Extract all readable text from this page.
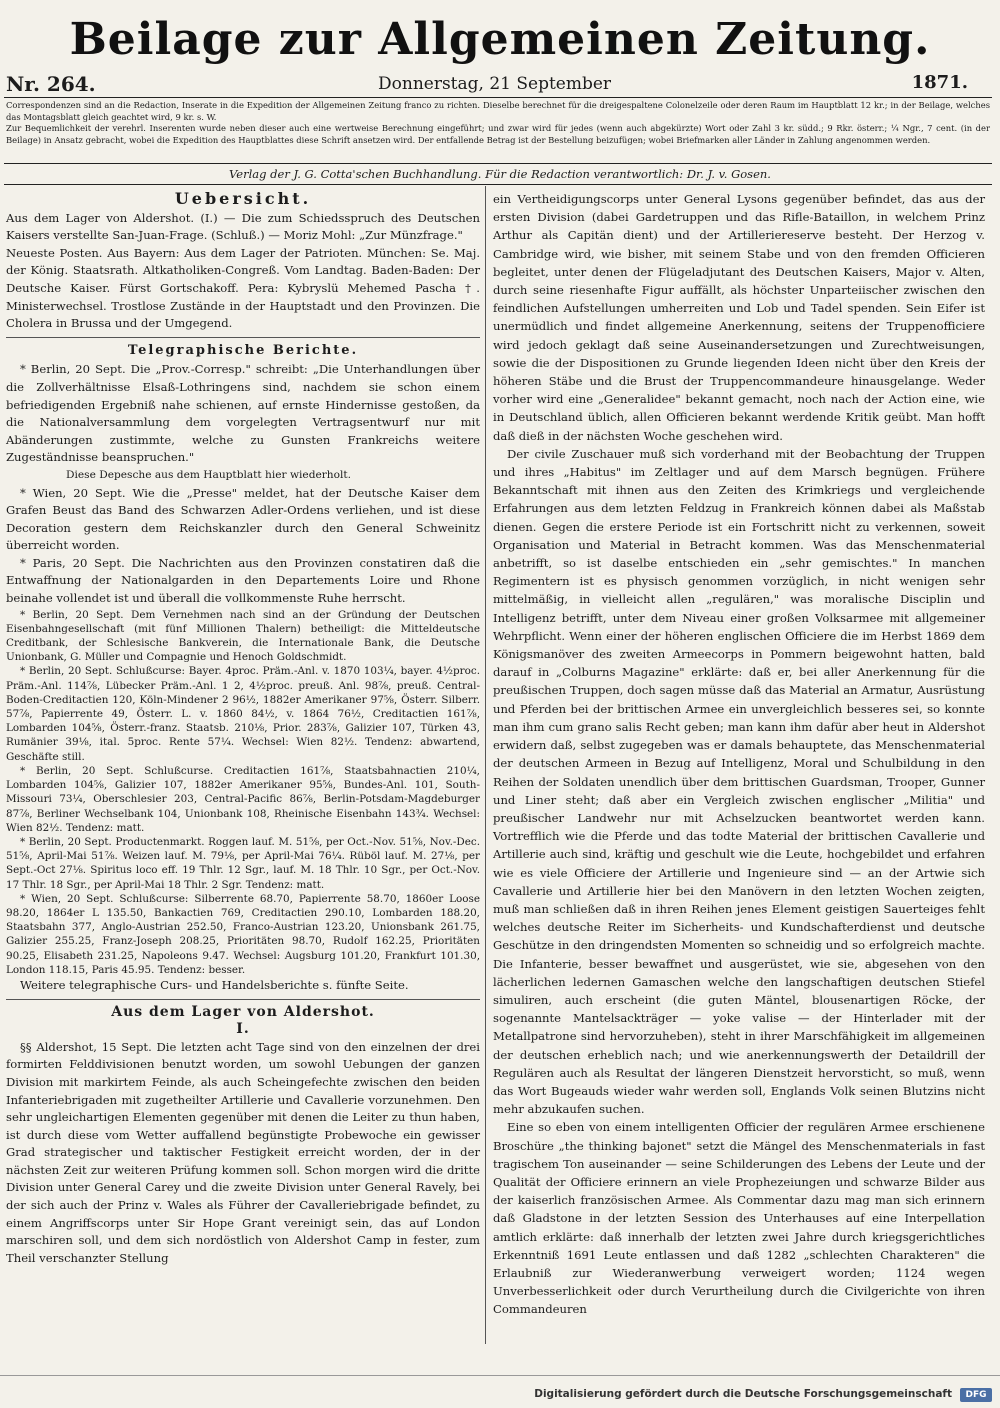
Beilage zur Allgemeinen Zeitung.
Nr. 264.	Donnerstag, 21 September	1871.

Correspondenzen sind an die Redaction, Inserate in die Expedition der Allgemeinen Zeitung franco zu richten. Dieselbe berechnet für die dreigespaltene Colonelzeile oder deren Raum im Hauptblatt 12 kr.; in der Beilage, welches das Montagsblatt gleich geachtet wird, 9 kr. s. W.

Zur Bequemlichkeit der verehrl. Inserenten wurde neben dieser auch eine wertweise Berechnung eingeführt; und zwar wird für jedes (wenn auch abgekürzte) Wort oder Zahl 3 kr. südd.; 9 Rkr. österr.; ¼ Ngr., 7 cent. (in der Beilage) in Ansatz gebracht, wobei die Expedition des Hauptblattes diese Schrift ansetzen wird. Der entfallende Betrag ist der Bestellung beizufügen; wobei Briefmarken aller Länder in Zahlung angenommen werden.

Verlag der J. G. Cotta'schen Buchhandlung. Für die Redaction verantwortlich: Dr. J. v. Gosen.
Uebersicht.

Aus dem Lager von Aldershot. (I.) — Die zum Schiedsspruch des Deutschen Kaisers verstellte San-Juan-Frage. (Schluß.) — Moriz Mohl: „Zur Münzfrage."

Neueste Posten. Aus Bayern: Aus dem Lager der Patrioten. München: Se. Maj. der König. Staatsrath. Altkatholiken-Congreß. Vom Landtag. Baden-Baden: Der Deutsche Kaiser. Fürst Gortschakoff. Pera: Kybryslü Mehemed Pascha †. Ministerwechsel. Trostlose Zustände in der Hauptstadt und den Provinzen. Die Cholera in Brussa und der Umgegend.

Telegraphische Berichte.

* Berlin, 20 Sept. Die „Prov.-Corresp." schreibt: „Die Unterhandlungen über die Zollverhältnisse Elsaß-Lothringens sind, nachdem sie schon einem befriedigenden Ergebniß nahe schienen, auf ernste Hindernisse gestoßen, da die Nationalversammlung dem vorgelegten Vertragsentwurf nur mit Abänderungen zustimmte, welche zu Gunsten Frankreichs weitere Zugeständnisse beanspruchen."

Diese Depesche aus dem Hauptblatt hier wiederholt.

* Wien, 20 Sept. Wie die „Presse" meldet, hat der Deutsche Kaiser dem Grafen Beust das Band des Schwarzen Adler-Ordens verliehen, und ist diese Decoration gestern dem Reichskanzler durch den General Schweinitz überreicht worden.

* Paris, 20 Sept. Die Nachrichten aus den Provinzen constatiren daß die Entwaffnung der Nationalgarden in den Departements Loire und Rhone beinahe vollendet ist und überall die vollkommenste Ruhe herrscht.

* Berlin, 20 Sept. Dem Vernehmen nach sind an der Gründung der Deutschen Eisenbahngesellschaft (mit fünf Millionen Thalern) betheiligt: die Mitteldeutsche Creditbank, der Schlesische Bankverein, die Internationale Bank, die Deutsche Unionbank, G. Müller und Compagnie und Henoch Goldschmidt.

* Berlin, 20 Sept. Schlußcurse: Bayer. 4proc. Präm.-Anl. v. 1870 103¼, bayer. 4½proc. Präm.-Anl. 114⅞, Lübecker Präm.-Anl. 1 2, 4½proc. preuß. Anl. 98⅞, preuß. Central-Boden-Creditactien 120, Köln-Mindener 2 96½, 1882er Amerikaner 97⅝, Österr. Silberr. 57⅞, Papierrente 49, Österr. L. v. 1860 84½, v. 1864 76½, Creditactien 161⅞, Lombarden 104⅝, Österr.-franz. Staatsb. 210⅛, Prior. 283⅞, Galizier 107, Türken 43, Rumänier 39⅛, ital. 5proc. Rente 57¼. Wechsel: Wien 82½. Tendenz: abwartend, Geschäfte still.

* Berlin, 20 Sept. Schlußcurse. Creditactien 161⅞, Staatsbahnactien 210¼, Lombarden 104⅝, Galizier 107, 1882er Amerikaner 95⅝, Bundes-Anl. 101, South-Missouri 73¼, Oberschlesier 203, Central-Pacific 86⅞, Berlin-Potsdam-Magdeburger 87⅞, Berliner Wechselbank 104, Unionbank 108, Rheinische Eisenbahn 143¾. Wechsel: Wien 82½. Tendenz: matt.

* Berlin, 20 Sept. Productenmarkt. Roggen lauf. M. 51⅝, per Oct.-Nov. 51⅝, Nov.-Dec. 51⅝, April-Mai 51⅞. Weizen lauf. M. 79⅛, per April-Mai 76¼. Rüböl lauf. M. 27⅛, per Sept.-Oct 27⅛. Spiritus loco eff. 19 Thlr. 12 Sgr., lauf. M. 18 Thlr. 10 Sgr., per Oct.-Nov. 17 Thlr. 18 Sgr., per April-Mai 18 Thlr. 2 Sgr. Tendenz: matt.

* Wien, 20 Sept. Schlußcurse: Silberrente 68.70, Papierrente 58.70, 1860er Loose 98.20, 1864er L 135.50, Bankactien 769, Creditactien 290.10, Lombarden 188.20, Staatsbahn 377, Anglo-Austrian 252.50, Franco-Austrian 123.20, Unionsbank 261.75, Galizier 255.25, Franz-Joseph 208.25, Prioritäten 98.70, Rudolf 162.25, Prioritäten 90.25, Elisabeth 231.25, Napoleons 9.47. Wechsel: Augsburg 101.20, Frankfurt 101.30, London 118.15, Paris 45.95. Tendenz: besser.

Weitere telegraphische Curs- und Handelsberichte s. fünfte Seite.

Aus dem Lager von Aldershot.
I.

§§ Aldershot, 15 Sept. Die letzten acht Tage sind von den einzelnen der drei formirten Felddivisionen benutzt worden, um sowohl Uebungen der ganzen Division mit markirtem Feinde, als auch Scheingefechte zwischen den beiden Infanteriebrigaden mit zugetheilter Artillerie und Cavallerie vorzunehmen. Den sehr ungleichartigen Elementen gegenüber mit denen die Leiter zu thun haben, ist durch diese vom Wetter auffallend begünstigte Probewoche ein gewisser Grad strategischer und taktischer Festigkeit erreicht worden, der in der nächsten Zeit zur weiteren Prüfung kommen soll. Schon morgen wird die dritte Division unter General Carey und die zweite Division unter General Ravely, bei der sich auch der Prinz v. Wales als Führer der Cavalleriebrigade befindet, zu einem Angriffscorps unter Sir Hope Grant vereinigt sein, das auf London marschiren soll, und dem sich nordöstlich von Aldershot Camp in fester, zum Theil verschanzter Stellung

ein Vertheidigungscorps unter General Lysons gegenüber befindet, das aus der ersten Division (dabei Gardetruppen und das Rifle-Bataillon, in welchem Prinz Arthur als Capitän dient) und der Artilleriereserve besteht. Der Herzog v. Cambridge wird, wie bisher, mit seinem Stabe und von den fremden Officieren begleitet, unter denen der Flügeladjutant des Deutschen Kaisers, Major v. Alten, durch seine riesenhafte Figur auffällt, als höchster Unparteiischer zwischen den feindlichen Aufstellungen umherreiten und Lob und Tadel spenden. Sein Eifer ist unermüdlich und findet allgemeine Anerkennung, seitens der Truppenofficiere wird jedoch geklagt daß seine Auseinandersetzungen und Zurechtweisungen, sowie die der Dispositionen zu Grunde liegenden Ideen nicht über den Kreis der höheren Stäbe und die Brust der Truppencommandeure hinausgelange. Weder vorher wird eine „Generalidee" bekannt gemacht, noch nach der Action eine, wie in Deutschland üblich, allen Officieren bekannt werdende Kritik geübt. Man hofft daß dieß in der nächsten Woche geschehen wird.

Der civile Zuschauer muß sich vorderhand mit der Beobachtung der Truppen und ihres „Habitus" im Zeltlager und auf dem Marsch begnügen. Frühere Bekanntschaft mit ihnen aus den Zeiten des Krimkriegs und vergleichende Erfahrungen aus dem letzten Feldzug in Frankreich können dabei als Maßstab dienen. Gegen die erstere Periode ist ein Fortschritt nicht zu verkennen, soweit Organisation und Material in Betracht kommen. Was das Menschenmaterial anbetrifft, so ist daselbe entschieden ein „sehr gemischtes." In manchen Regimentern ist es physisch genommen vorzüglich, in nicht wenigen sehr mittelmäßig, in vielleicht allen „regulären," was moralische Disciplin und Intelligenz betrifft, unter dem Niveau einer großen Volksarmee mit allgemeiner Wehrpflicht. Wenn einer der höheren englischen Officiere die im Herbst 1869 dem Königsmanöver des zweiten Armeecorps in Pommern beigewohnt hatten, bald darauf in „Colburns Magazine" erklärte: daß er, bei aller Anerkennung für die preußischen Truppen, doch sagen müsse daß das Material an Armatur, Ausrüstung und Pferden bei der brittischen Armee ein unvergleichlich besseres sei, so konnte man ihm cum grano salis Recht geben; man kann ihm dafür aber heut in Aldershot erwidern daß, selbst zugegeben was er damals behauptete, das Menschenmaterial der deutschen Armeen in Bezug auf Intelligenz, Moral und Schulbildung in den Reihen der Soldaten unendlich über dem brittischen Guardsman, Trooper, Gunner und Liner steht; daß aber ein Vergleich zwischen englischer „Militia" und preußischer Landwehr nur mit Achselzucken beantwortet werden kann. Vortrefflich wie die Pferde und das todte Material der brittischen Cavallerie und Artillerie auch sind, kräftig und geschult wie die Leute, hochgebildet und erfahren wie es viele Officiere der Artillerie und Ingenieure sind — an der Artwie sich Cavallerie und Artillerie hier bei den Manövern in den letzten Wochen zeigten, muß man schließen daß in ihren Reihen jenes Element geistigen Sauerteiges fehlt welches deutsche Reiter im Sicherheits- und Kundschafterdienst und deutsche Geschütze in den dringendsten Momenten so schneidig und so erfolgreich machte. Die Infanterie, besser bewaffnet und ausgerüstet, wie sie, abgesehen von den lächerlichen ledernen Gamaschen welche den langschaftigen deutschen Stiefel simuliren, auch erscheint (die guten Mäntel, blousenartigen Röcke, der sogenannte Mantelsackträger — yoke valise — der Hinterlader mit der Metallpatrone sind hervorzuheben), steht in ihrer Marschfähigkeit im allgemeinen der deutschen erheblich nach; und wie anerkennungswerth der Detaildrill der Regulären auch als Resultat der längeren Dienstzeit hervorsticht, so muß, wenn das Wort Bugeauds wieder wahr werden soll, Englands Volk seinen Blutzins nicht mehr abzukaufen suchen.

Eine so eben von einem intelligenten Officier der regulären Armee erschienene Broschüre „the thinking bajonet" setzt die Mängel des Menschenmaterials in fast tragischem Ton auseinander — seine Schilderungen des Lebens der Leute und der Qualität der Officiere erinnern an viele Prophezeiungen und schwarze Bilder aus der kaiserlich französischen Armee. Als Commentar dazu mag man sich erinnern daß Gladstone in der letzten Session des Unterhauses auf eine Interpellation amtlich erklärte: daß innerhalb der letzten zwei Jahre durch kriegsgerichtliches Erkenntniß 1691 Leute entlassen und daß 1282 „schlechten Charakteren" die Erlaubniß zur Wiederanwerbung verweigert worden; 1124 wegen Unverbesserlichkeit oder durch Verurtheilung durch die Civilgerichte von ihren Commandeuren

Digitalisierung gefördert durch die Deutsche Forschungsgemeinschaft	DFG
